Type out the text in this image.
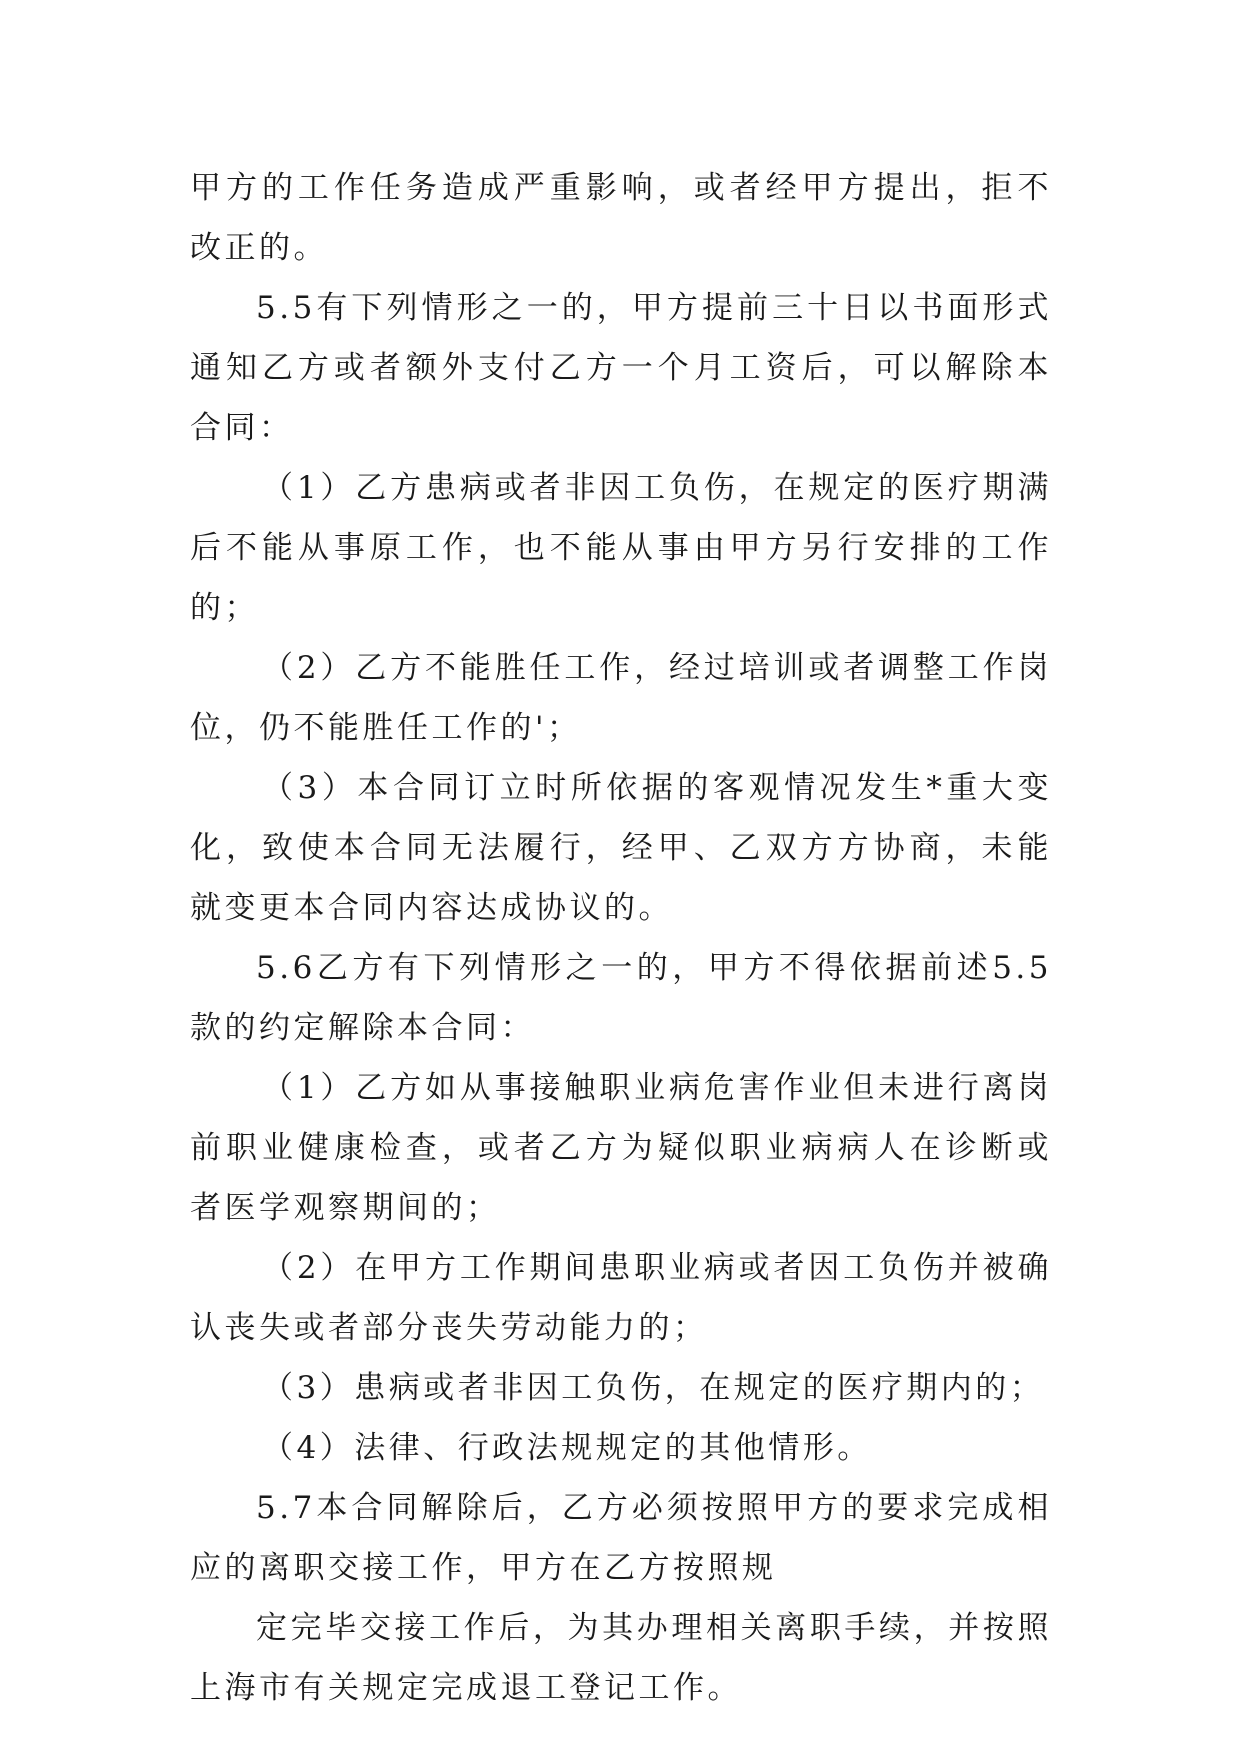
甲方的工作任务造成严重影响，或者经甲方提出，拒不改正的。

5.5有下列情形之一的，甲方提前三十日以书面形式通知乙方或者额外支付乙方一个月工资后，可以解除本合同：

（1）乙方患病或者非因工负伤，在规定的医疗期满后不能从事原工作，也不能从事由甲方另行安排的工作的；

（2）乙方不能胜任工作，经过培训或者调整工作岗位，仍不能胜任工作的'；

（3）本合同订立时所依据的客观情况发生*重大变化，致使本合同无法履行，经甲、乙双方方协商，未能就变更本合同内容达成协议的。

5.6乙方有下列情形之一的，甲方不得依据前述5.5款的约定解除本合同：

（1）乙方如从事接触职业病危害作业但未进行离岗前职业健康检查，或者乙方为疑似职业病病人在诊断或者医学观察期间的；

（2）在甲方工作期间患职业病或者因工负伤并被确认丧失或者部分丧失劳动能力的；

（3）患病或者非因工负伤，在规定的医疗期内的；

（4）法律、行政法规规定的其他情形。

5.7本合同解除后，乙方必须按照甲方的要求完成相应的离职交接工作，甲方在乙方按照规

定完毕交接工作后，为其办理相关离职手续，并按照上海市有关规定完成退工登记工作。
